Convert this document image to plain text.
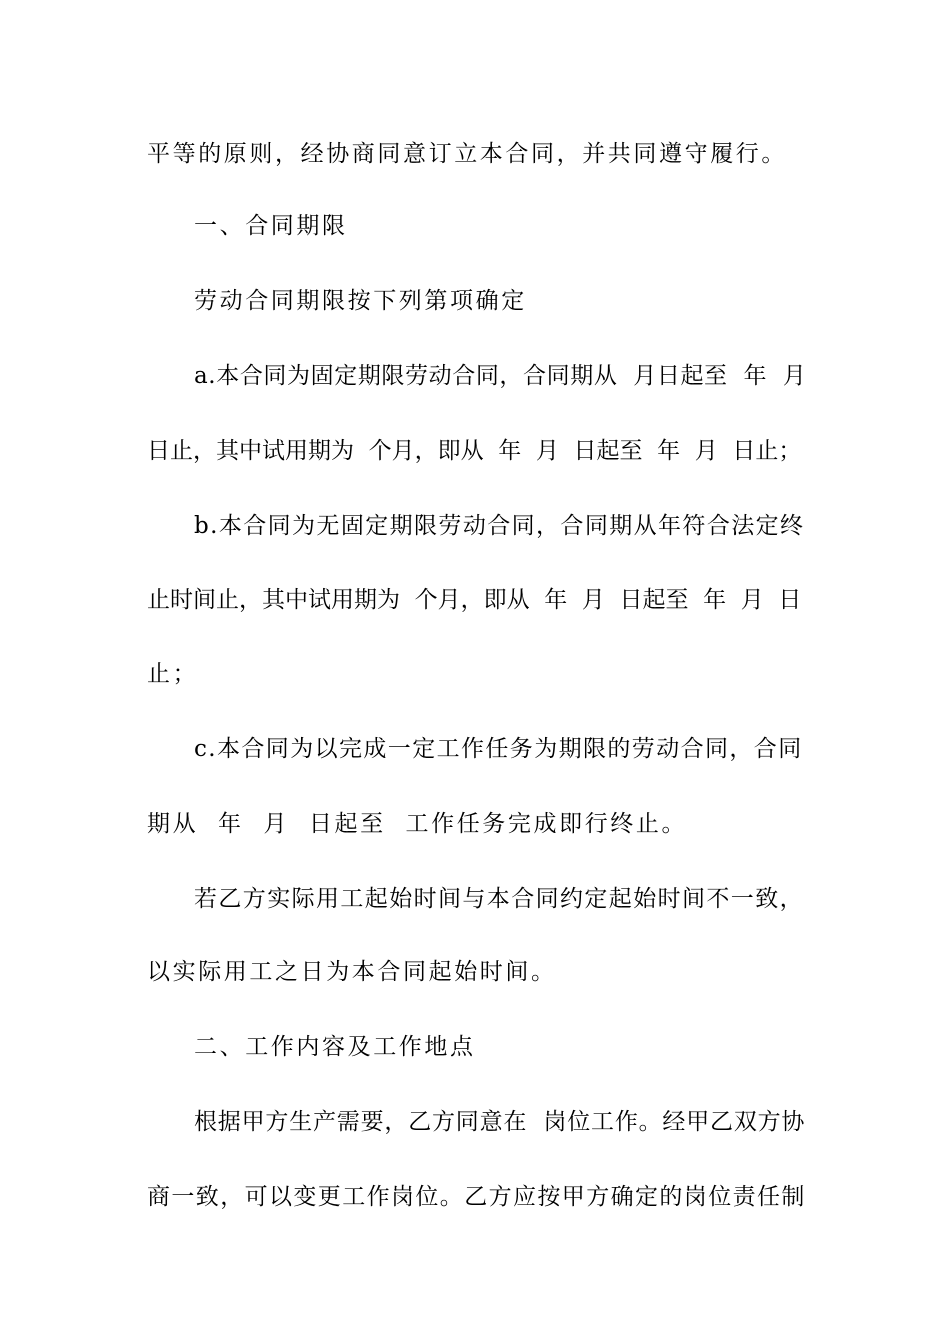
平等的原则，经协商同意订立本合同，并共同遵守履行。
一、合同期限
劳动合同期限按下列第项确定
a.本合同为固定期限劳动合同，合同期从  月日起至  年  月
日止，其中试用期为  个月，即从  年  月  日起至  年  月  日止；
b.本合同为无固定期限劳动合同，合同期从年符合法定终
止时间止，其中试用期为  个月，即从  年  月  日起至  年  月  日
止；
c.本合同为以完成一定工作任务为期限的劳动合同，合同
期从  年  月  日起至  工作任务完成即行终止。
若乙方实际用工起始时间与本合同约定起始时间不一致，
以实际用工之日为本合同起始时间。
二、工作内容及工作地点
根据甲方生产需要，乙方同意在  岗位工作。经甲乙双方协
商一致，可以变更工作岗位。乙方应按甲方确定的岗位责任制
